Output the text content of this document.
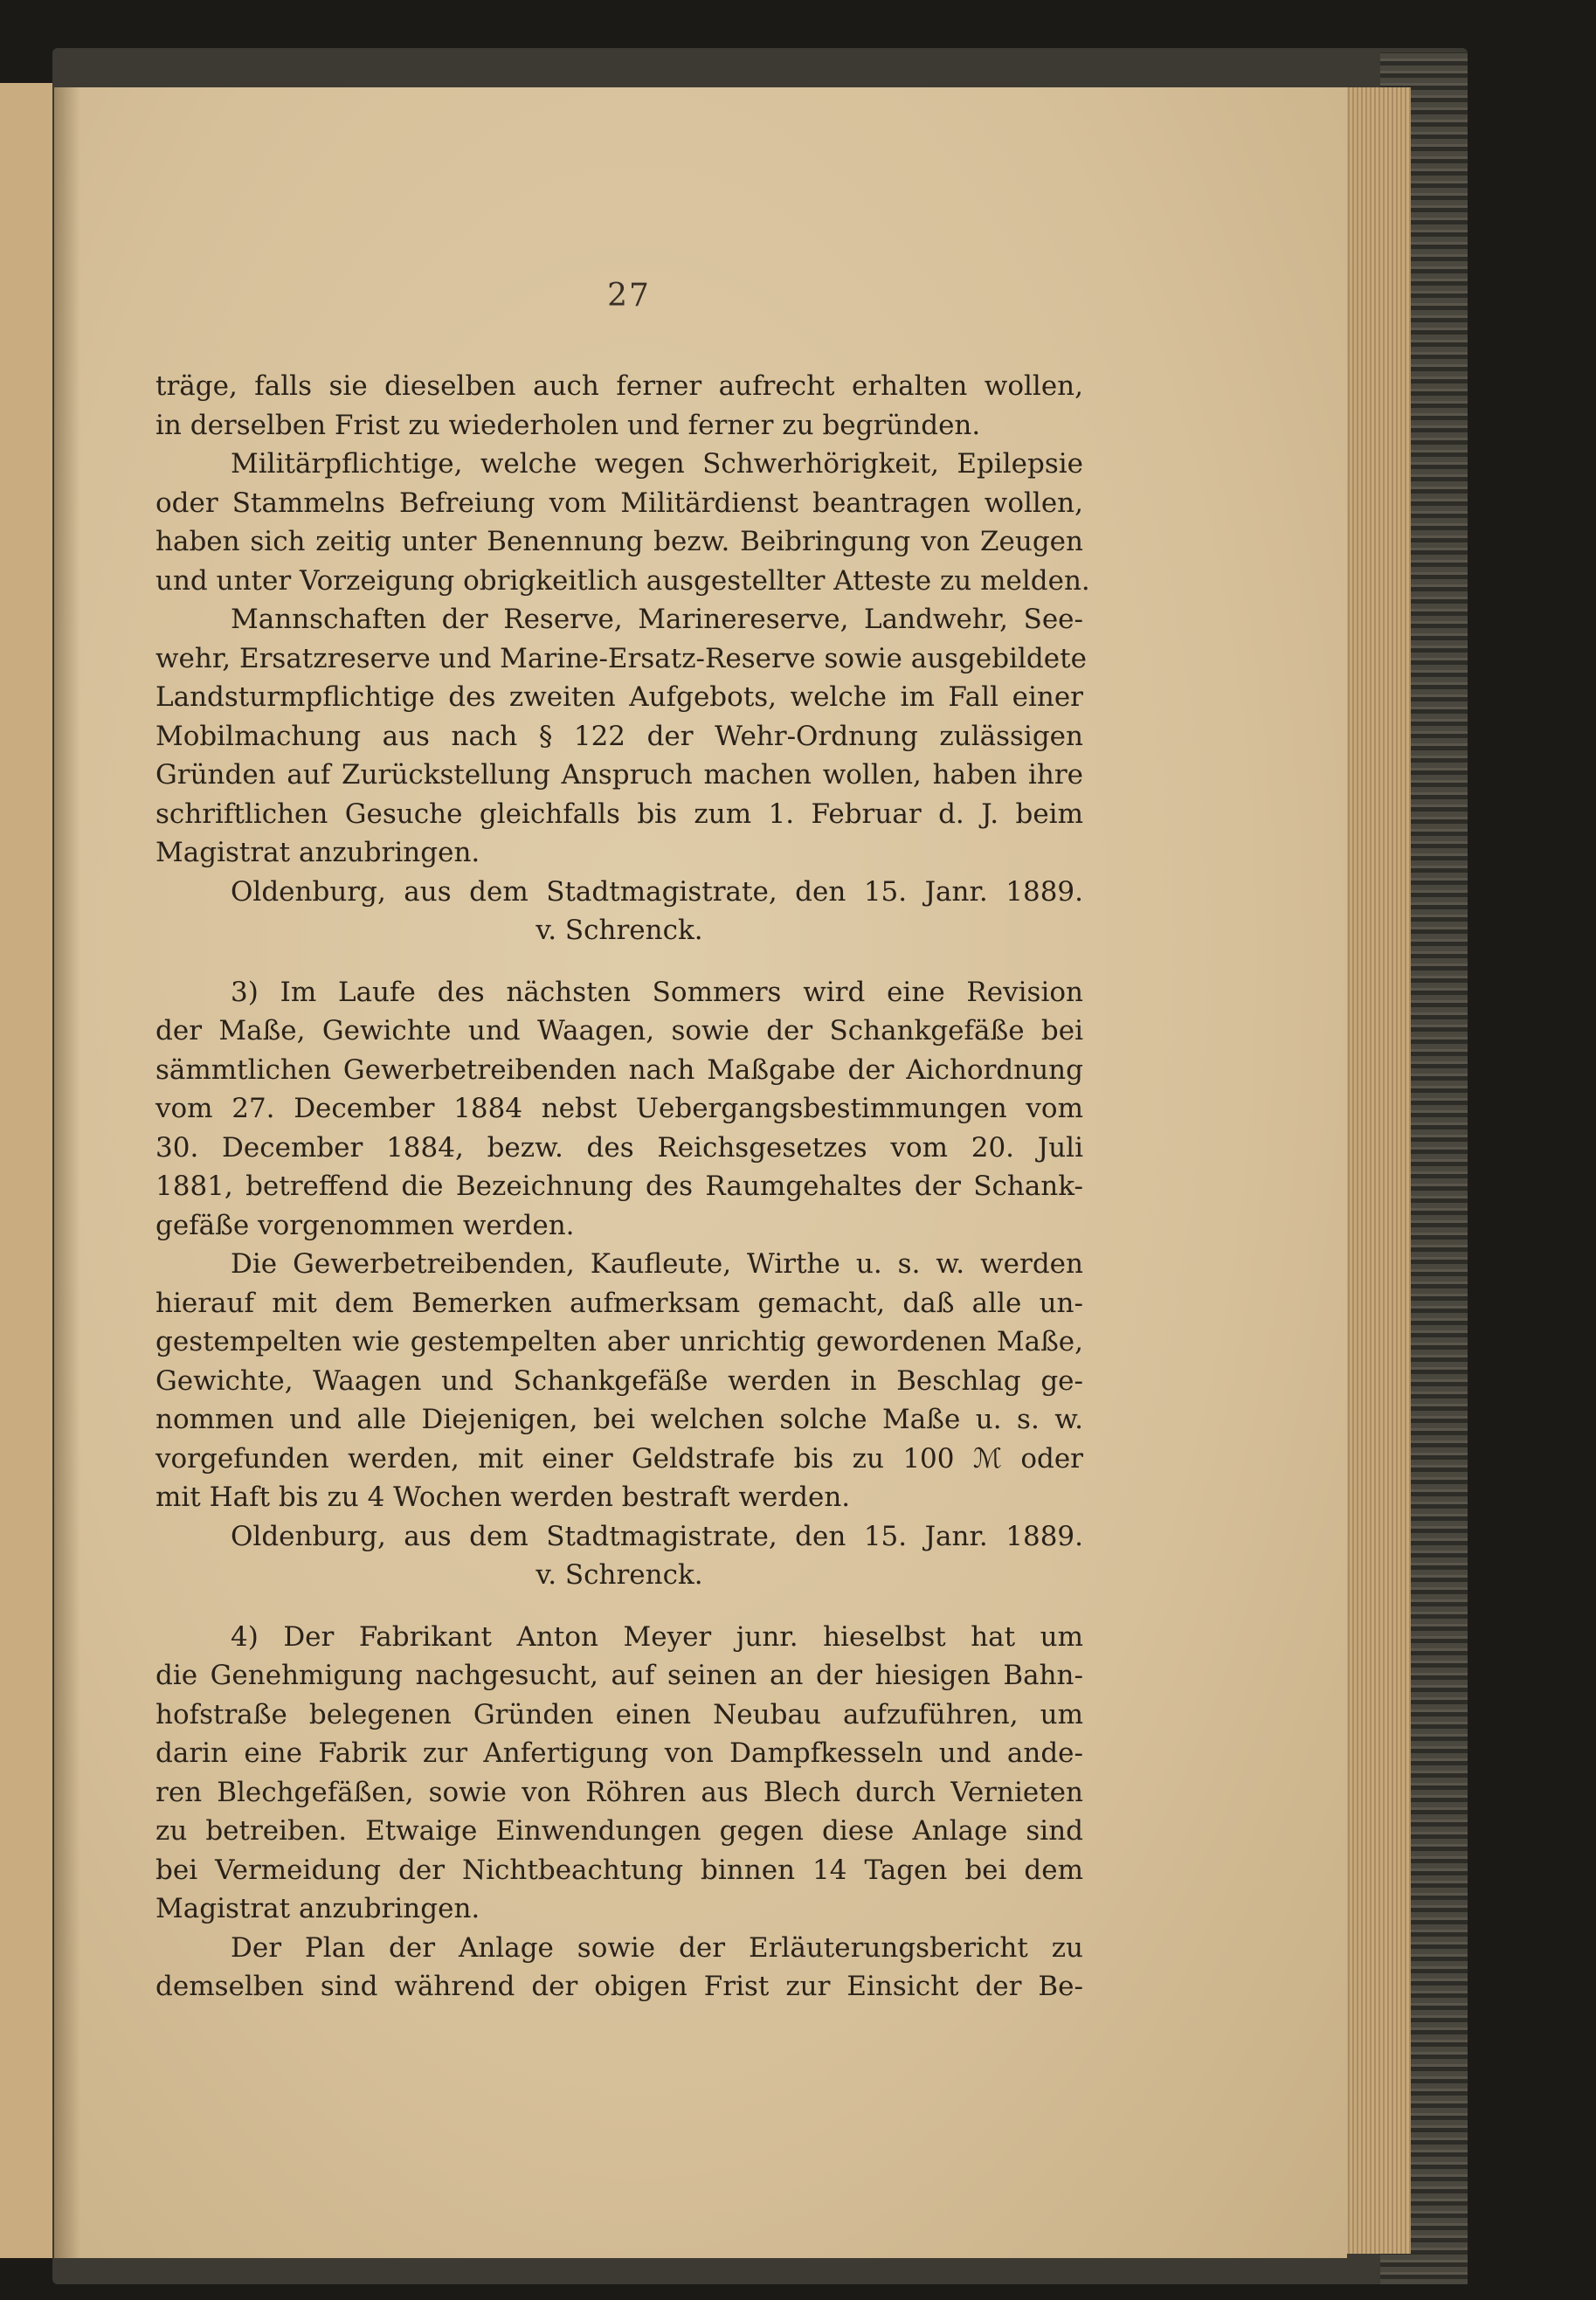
27
träge, falls sie dieselben auch ferner aufrecht erhalten wollen,
in derselben Frist zu wiederholen und ferner zu begründen.
Militärpflichtige, welche wegen Schwerhörigkeit, Epilepsie
oder Stammelns Befreiung vom Militärdienst beantragen wollen,
haben sich zeitig unter Benennung bezw. Beibringung von Zeugen
und unter Vorzeigung obrigkeitlich ausgestellter Atteste zu melden.
Mannschaften der Reserve, Marinereserve, Landwehr, See-
wehr, Ersatzreserve und Marine-Ersatz-Reserve sowie ausgebildete
Landsturmpflichtige des zweiten Aufgebots, welche im Fall einer
Mobilmachung aus nach § 122 der Wehr-Ordnung zulässigen
Gründen auf Zurückstellung Anspruch machen wollen, haben ihre
schriftlichen Gesuche gleichfalls bis zum 1. Februar d. J. beim
Magistrat anzubringen.
Oldenburg, aus dem Stadtmagistrate, den 15. Janr. 1889.
v. Schrenck.
3) Im Laufe des nächsten Sommers wird eine Revision
der Maße, Gewichte und Waagen, sowie der Schankgefäße bei
sämmtlichen Gewerbetreibenden nach Maßgabe der Aichordnung
vom 27. December 1884 nebst Uebergangsbestimmungen vom
30. December 1884, bezw. des Reichsgesetzes vom 20. Juli
1881, betreffend die Bezeichnung des Raumgehaltes der Schank-
gefäße vorgenommen werden.
Die Gewerbetreibenden, Kaufleute, Wirthe u. s. w. werden
hierauf mit dem Bemerken aufmerksam gemacht, daß alle un-
gestempelten wie gestempelten aber unrichtig gewordenen Maße,
Gewichte, Waagen und Schankgefäße werden in Beschlag ge-
nommen und alle Diejenigen, bei welchen solche Maße u. s. w.
vorgefunden werden, mit einer Geldstrafe bis zu 100 ℳ oder
mit Haft bis zu 4 Wochen werden bestraft werden.
Oldenburg, aus dem Stadtmagistrate, den 15. Janr. 1889.
v. Schrenck.
4) Der Fabrikant Anton Meyer junr. hieselbst hat um
die Genehmigung nachgesucht, auf seinen an der hiesigen Bahn-
hofstraße belegenen Gründen einen Neubau aufzuführen, um
darin eine Fabrik zur Anfertigung von Dampfkesseln und ande-
ren Blechgefäßen, sowie von Röhren aus Blech durch Vernieten
zu betreiben. Etwaige Einwendungen gegen diese Anlage sind
bei Vermeidung der Nichtbeachtung binnen 14 Tagen bei dem
Magistrat anzubringen.
Der Plan der Anlage sowie der Erläuterungsbericht zu
demselben sind während der obigen Frist zur Einsicht der Be-
